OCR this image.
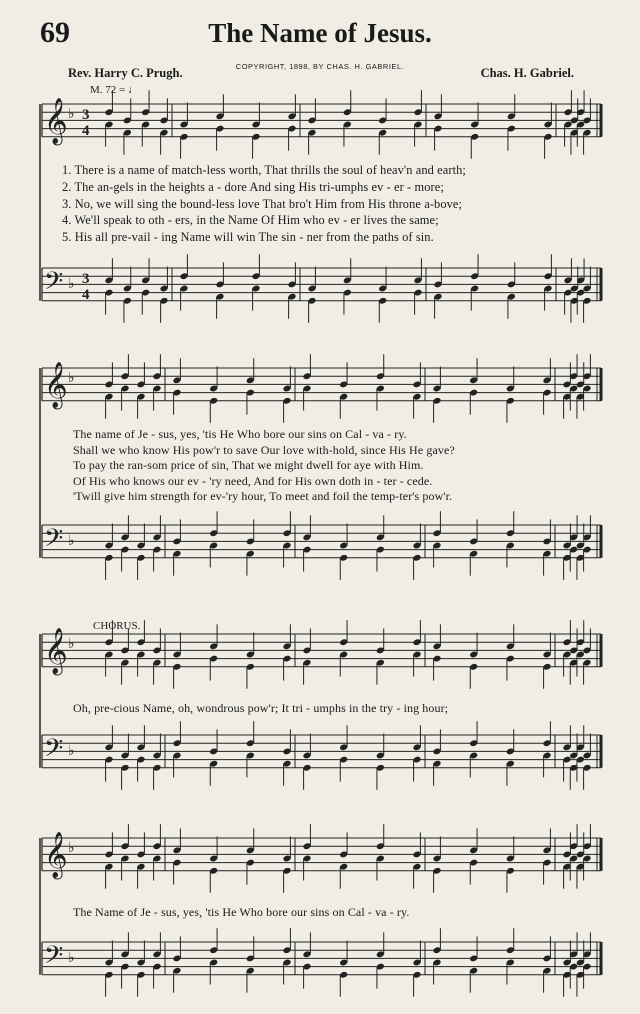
69	The Name of Jesus.
COPYRIGHT, 1898, BY CHAS. H. GABRIEL.
Rev. Harry C. Prugh.	Chas. H. Gabriel.
M. 72 = ♩
𝄞 ♭ 3
4
𝄢 ♭ 3
4
𝄞 ♭
𝄢 ♭
𝄞 ♭
𝄢 ♭
𝄞 ♭
𝄢 ♭
1. There is a name of match-less worth, That thrills the soul of heav'n and earth;
2. The an-gels in the heights a - dore And sing His tri-umphs ev - er - more;
3. No, we will sing the bound-less love That bro't Him from His throne a-bove;
4. We'll speak to oth - ers, in the Name Of Him who ev - er lives the same;
5. His all pre-vail - ing Name will win The sin - ner from the paths of sin.
The name of Je - sus, yes, 'tis He Who bore our sins on Cal - va - ry.
Shall we who know His pow'r to save Our love with-hold, since His He gave?
To pay the ran-som price of sin, That we might dwell for aye with Him.
Of His who knows our ev - 'ry need, And for His own doth in - ter - cede.
'Twill give him strength for ev-'ry hour, To meet and foil the temp-ter's pow'r.
CHORUS.
Oh, pre-cious Name, oh, wondrous pow'r; It tri - umphs in the try - ing hour;
The Name of Je - sus, yes, 'tis He Who bore our sins on Cal - va - ry.
